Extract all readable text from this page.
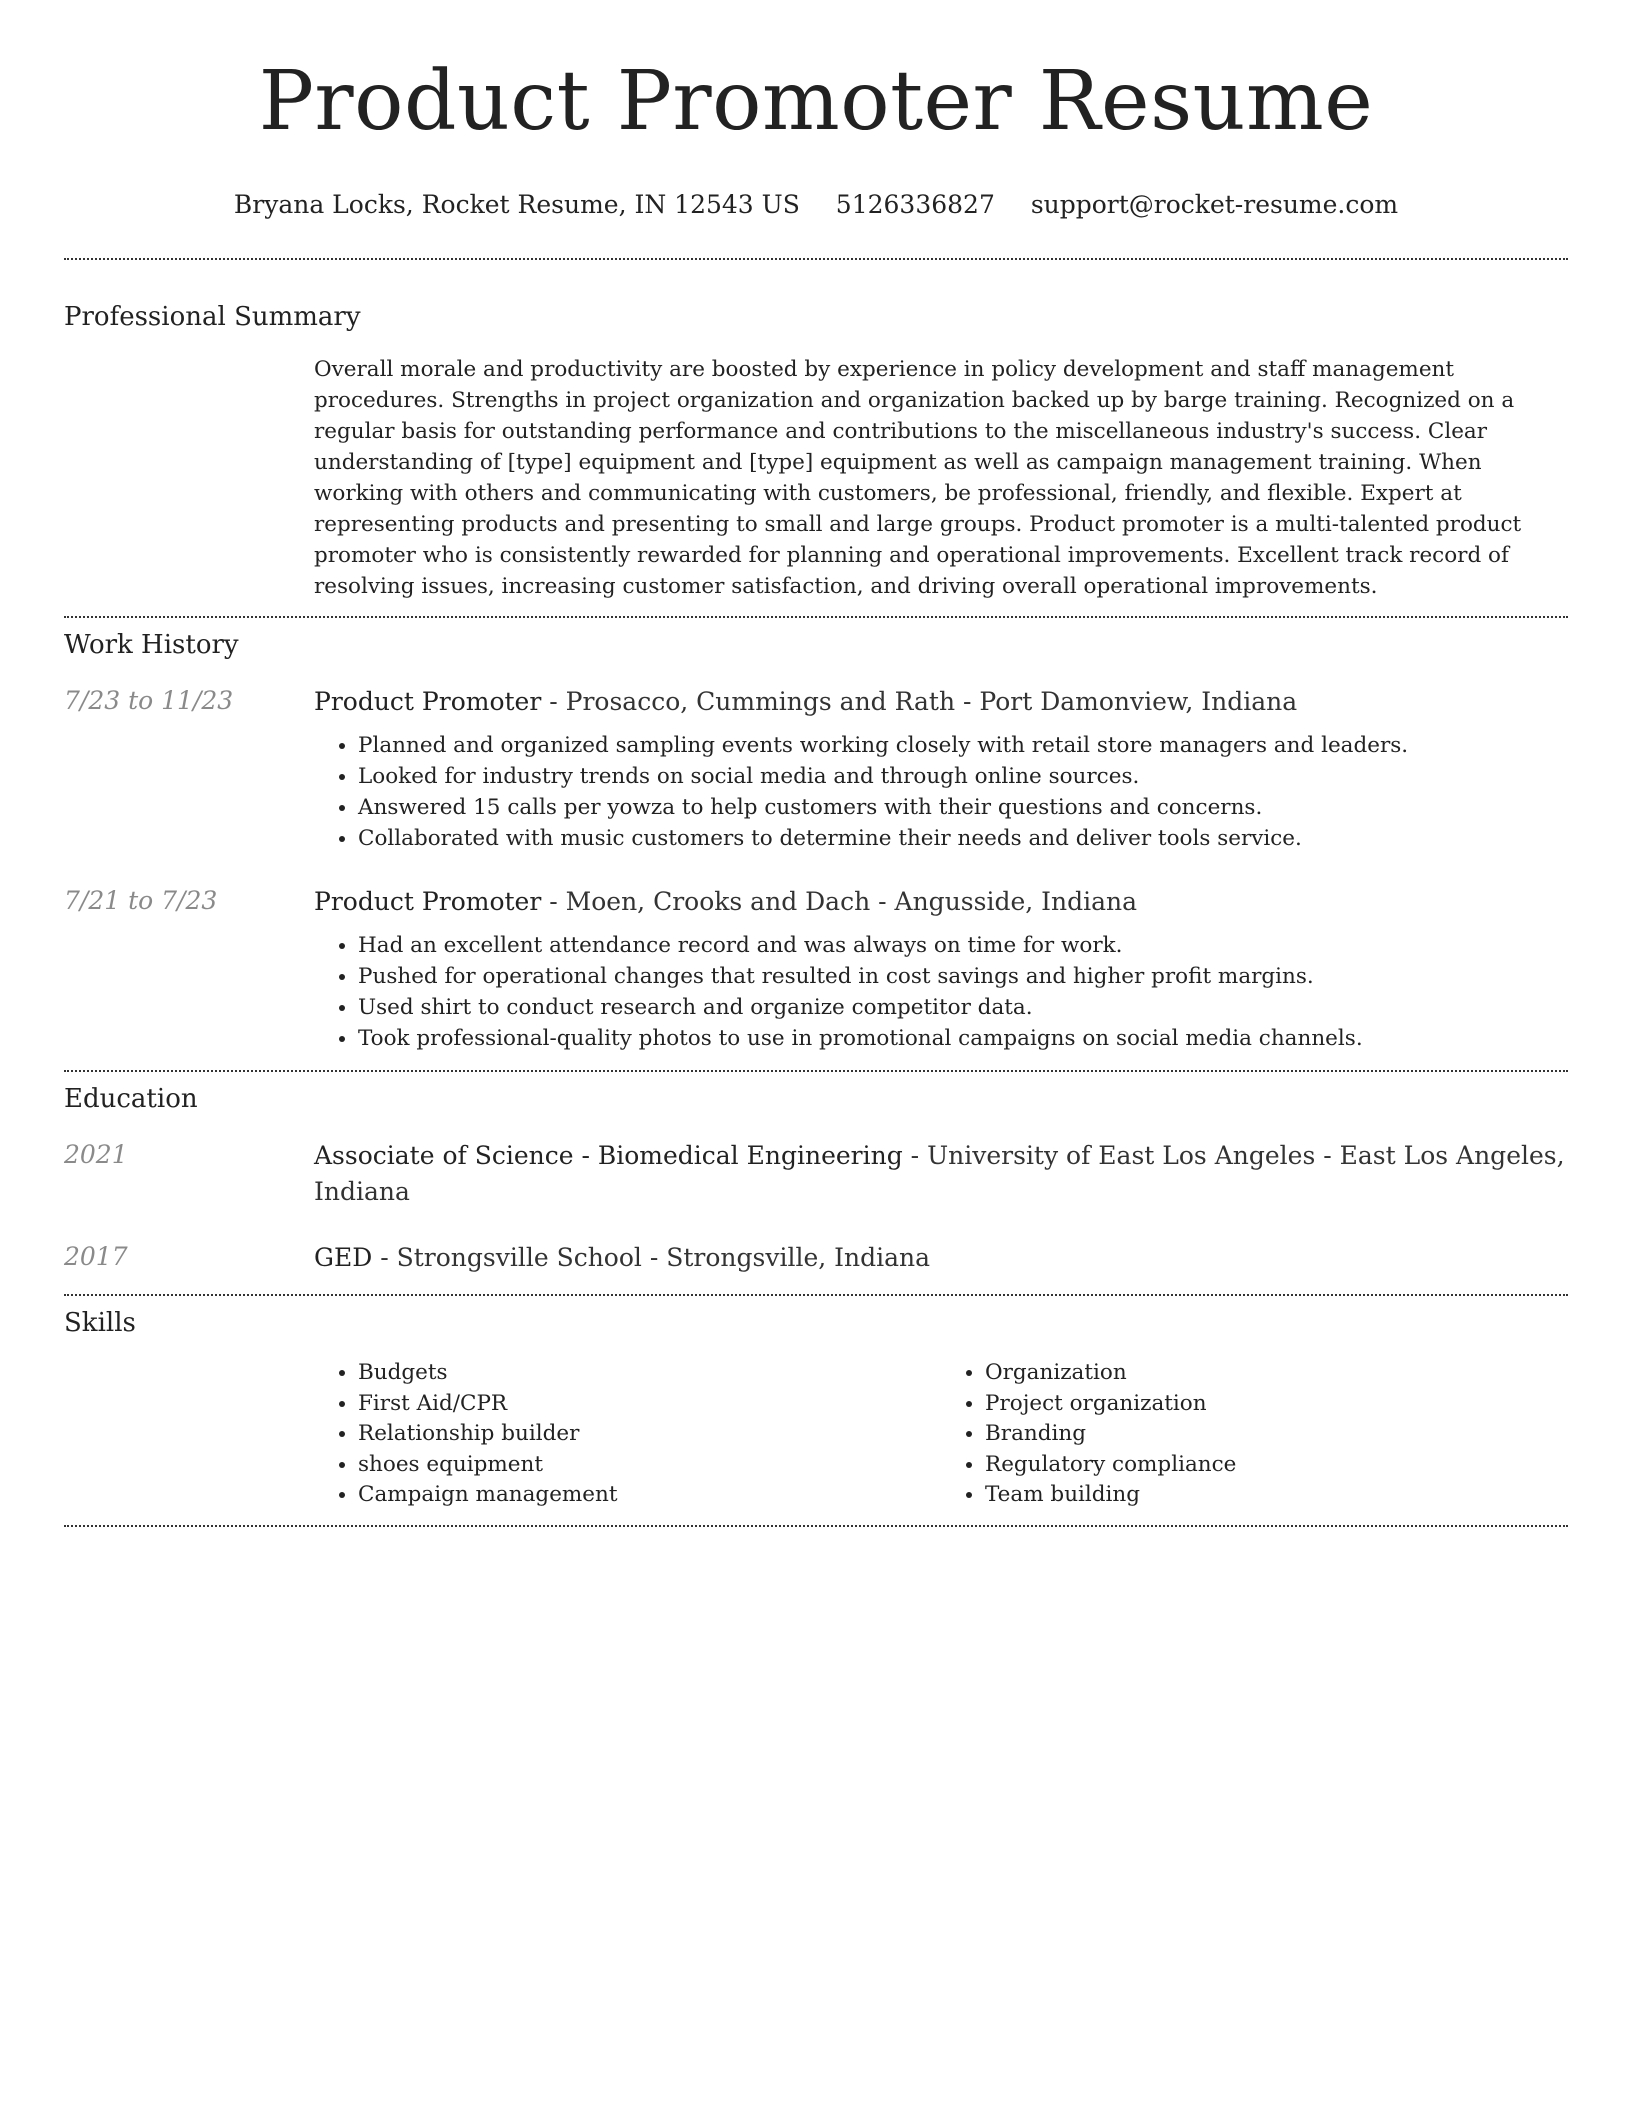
Product Promoter Resume
Bryana Locks, Rocket Resume, IN 12543 US 5126336827 support@rocket-resume.com
Professional Summary

Overall morale and productivity are boosted by experience in policy development and staff management procedures. Strengths in project organization and organization backed up by barge training. Recognized on a regular basis for outstanding performance and contributions to the miscellaneous industry's success. Clear understanding of [type] equipment and [type] equipment as well as campaign management training. When working with others and communicating with customers, be professional, friendly, and flexible. Expert at representing products and presenting to small and large groups. Product promoter is a multi-talented product promoter who is consistently rewarded for planning and operational improvements. Excellent track record of resolving issues, increasing customer satisfaction, and driving overall operational improvements.

Work History
7/23 to 11/23	Product Promoter - Prosacco, Cummings and Rath - Port Damonview, Indiana

• Planned and organized sampling events working closely with retail store managers and leaders.
• Looked for industry trends on social media and through online sources.
• Answered 15 calls per yowza to help customers with their questions and concerns.
• Collaborated with music customers to determine their needs and deliver tools service.
7/21 to 7/23	Product Promoter - Moen, Crooks and Dach - Angusside, Indiana

• Had an excellent attendance record and was always on time for work.
• Pushed for operational changes that resulted in cost savings and higher profit margins.
• Used shirt to conduct research and organize competitor data.
• Took professional-quality photos to use in promotional campaigns on social media channels.
Education
2021	Associate of Science - Biomedical Engineering - University of East Los Angeles - East Los Angeles, Indiana

2017	GED - Strongsville School - Strongsville, Indiana

Skills
• Budgets
• First Aid/CPR
• Relationship builder
• shoes equipment
• Campaign management
• Organization
• Project organization
• Branding
• Regulatory compliance
• Team building
